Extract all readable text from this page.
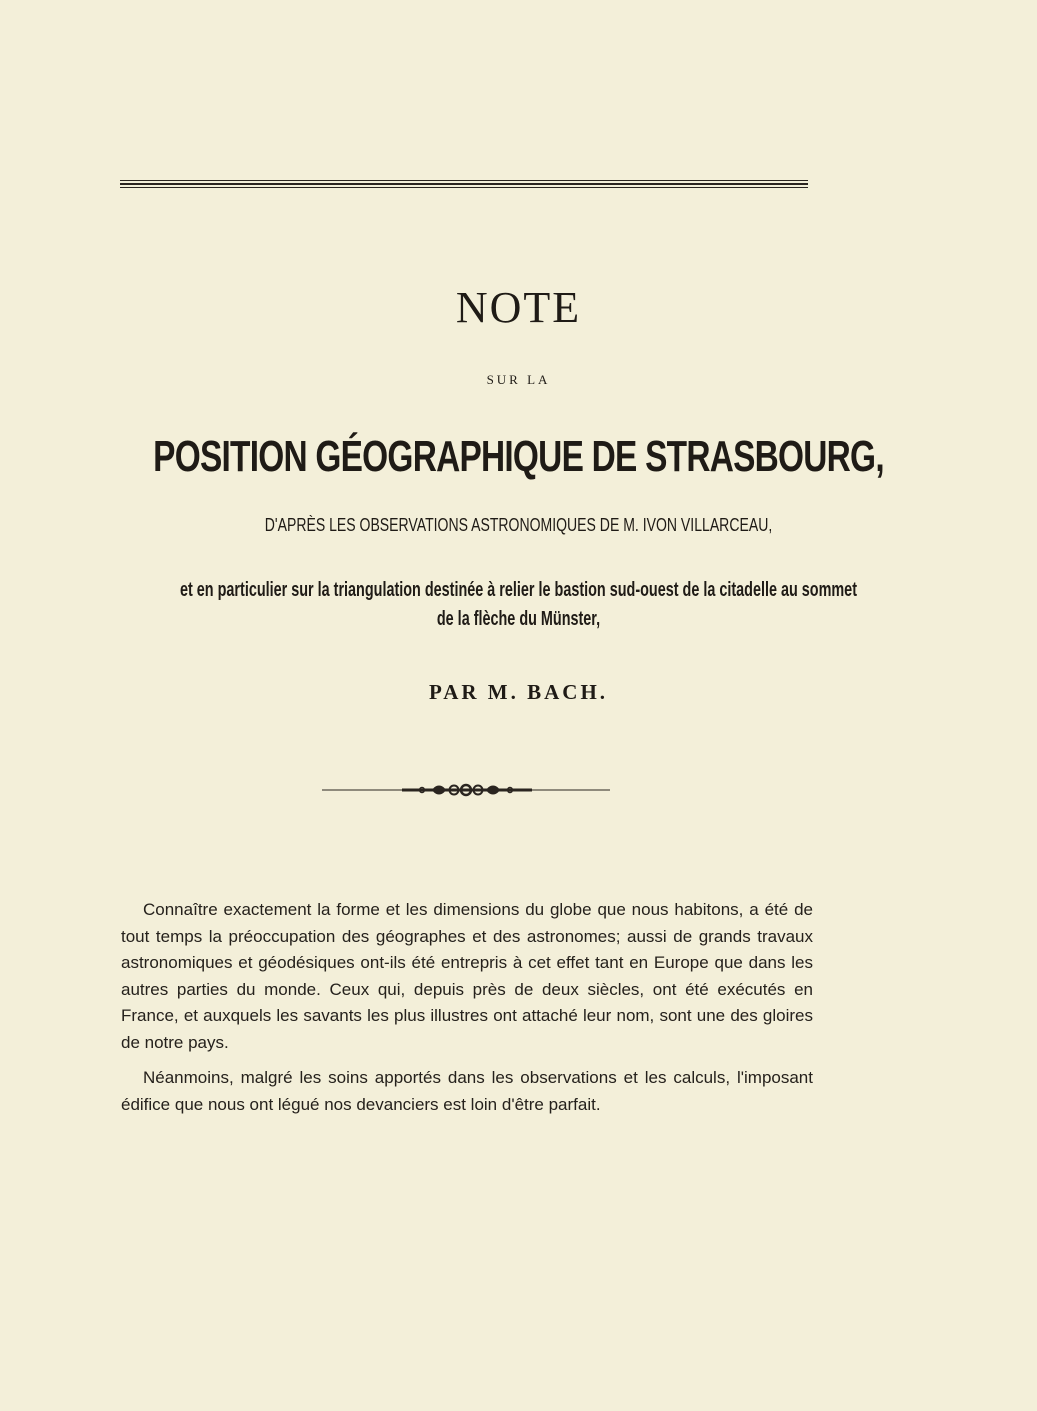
NOTE
SUR LA
POSITION GÉOGRAPHIQUE DE STRASBOURG,
D'APRÈS LES OBSERVATIONS ASTRONOMIQUES DE M. IVON VILLARCEAU,
et en particulier sur la triangulation destinée à relier le bastion sud-ouest de la citadelle au sommet
de la flèche du Münster,
PAR M. BACH.

Connaître exactement la forme et les dimensions du globe que nous habitons, a été de tout temps la préoccupation des géographes et des astronomes; aussi de grands travaux astronomiques et géodésiques ont-ils été entrepris à cet effet tant en Europe que dans les autres parties du monde. Ceux qui, depuis près de deux siècles, ont été exécutés en France, et auxquels les savants les plus illustres ont attaché leur nom, sont une des gloires de notre pays.

Néanmoins, malgré les soins apportés dans les observations et les calculs, l'imposant édifice que nous ont légué nos devanciers est loin d'être parfait.
